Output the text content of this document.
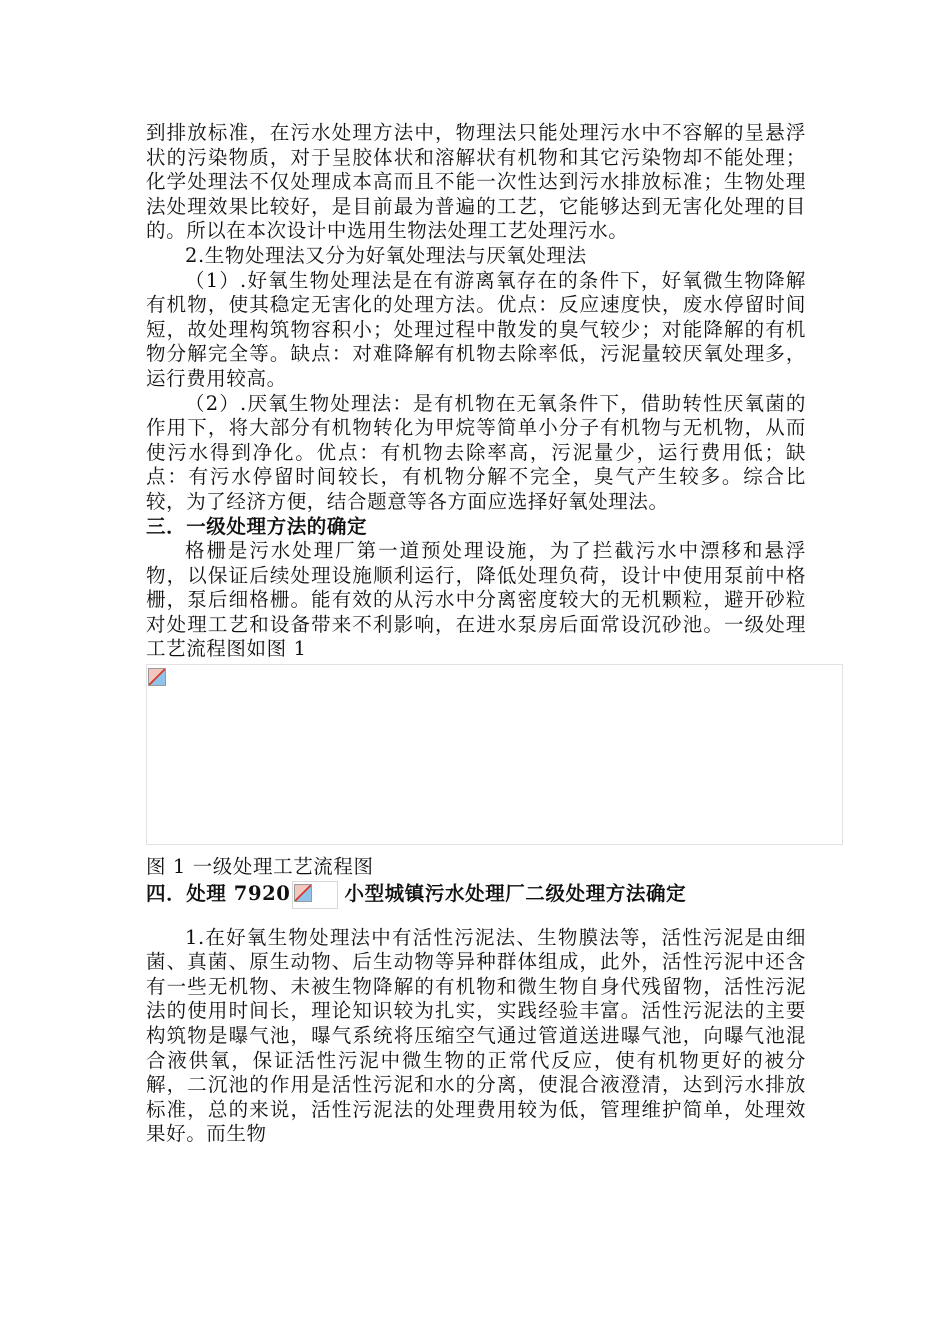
到排放标准，在污水处理方法中，物理法只能处理污水中不容解的呈悬浮状的污染物质，对于呈胶体状和溶解状有机物和其它污染物却不能处理；化学处理法不仅处理成本高而且不能一次性达到污水排放标准；生物处理法处理效果比较好，是目前最为普遍的工艺，它能够达到无害化处理的目的。所以在本次设计中选用生物法处理工艺处理污水。

2.生物处理法又分为好氧处理法与厌氧处理法

（1）.好氧生物处理法是在有游离氧存在的条件下，好氧微生物降解有机物，使其稳定无害化的处理方法。优点：反应速度快，废水停留时间短，故处理构筑物容积小；处理过程中散发的臭气较少；对能降解的有机物分解完全等。缺点：对难降解有机物去除率低，污泥量较厌氧处理多，运行费用较高。

（2）.厌氧生物处理法：是有机物在无氧条件下，借助转性厌氧菌的作用下，将大部分有机物转化为甲烷等简单小分子有机物与无机物，从而使污水得到净化。优点：有机物去除率高，污泥量少，运行费用低；缺点：有污水停留时间较长，有机物分解不完全，臭气产生较多。综合比较，为了经济方便，结合题意等各方面应选择好氧处理法。

三．一级处理方法的确定

格栅是污水处理厂第一道预处理设施，为了拦截污水中漂移和悬浮物，以保证后续处理设施顺利运行，降低处理负荷，设计中使用泵前中格栅，泵后细格栅。能有效的从污水中分离密度较大的无机颗粒，避开砂粒对处理工艺和设备带来不利影响，在进水泵房后面常设沉砂池。一级处理工艺流程图如图 1

图 1 一级处理工艺流程图

四．处理 7920	小型城镇污水处理厂二级处理方法确定

1.在好氧生物处理法中有活性污泥法、生物膜法等，活性污泥是由细菌、真菌、原生动物、后生动物等异种群体组成，此外，活性污泥中还含有一些无机物、未被生物降解的有机物和微生物自身代残留物，活性污泥法的使用时间长，理论知识较为扎实，实践经验丰富。活性污泥法的主要构筑物是曝气池，曝气系统将压缩空气通过管道送进曝气池，向曝气池混合液供氧，保证活性污泥中微生物的正常代反应，使有机物更好的被分解，二沉池的作用是活性污泥和水的分离，使混合液澄清，达到污水排放标准，总的来说，活性污泥法的处理费用较为低，管理维护简单，处理效果好。而生物
